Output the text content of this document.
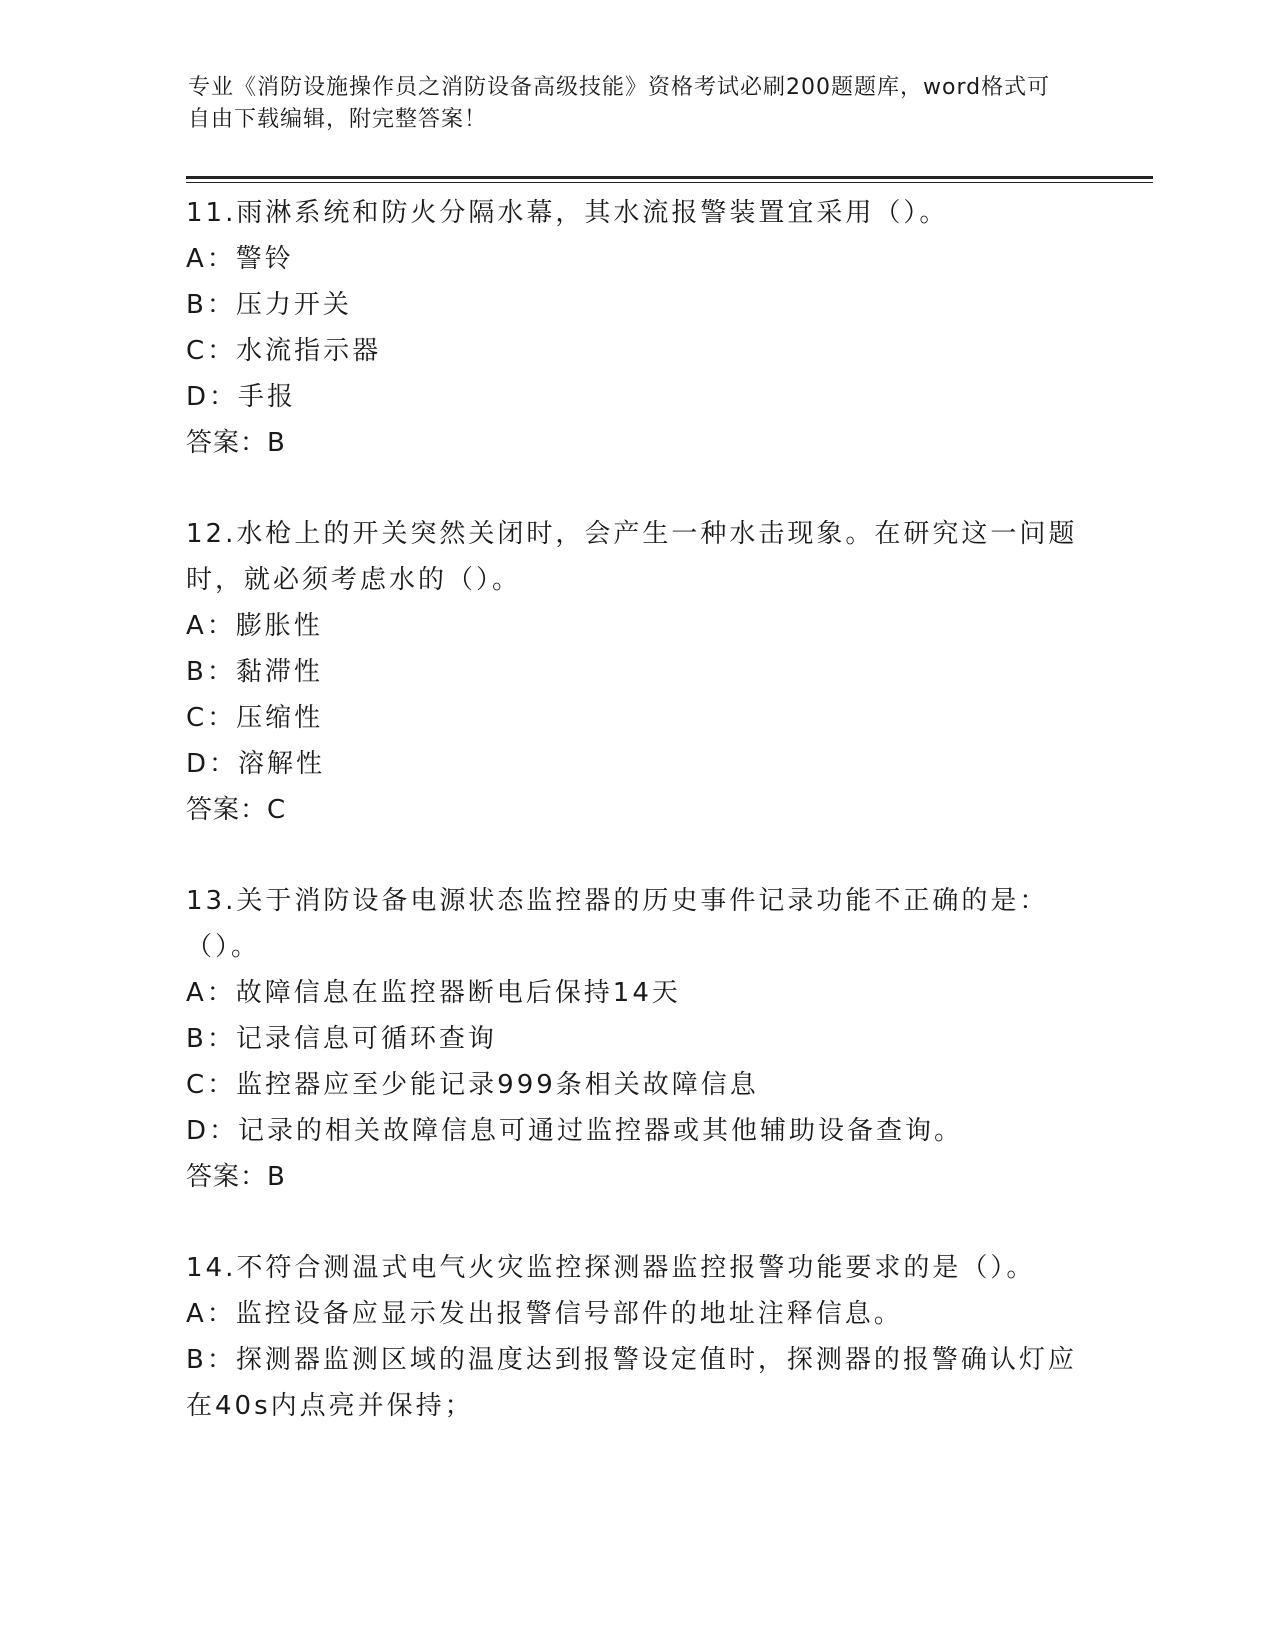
专业《消防设施操作员之消防设备高级技能》资格考试必刷200题题库，word格式可自由下载编辑，附完整答案！
11.雨淋系统和防火分隔水幕，其水流报警装置宜采用（）。
A：警铃
B：压力开关
C：水流指示器
D：手报
答案：B
12.水枪上的开关突然关闭时，会产生一种水击现象。在研究这一问题时，就必须考虑水的（）。
A：膨胀性
B：黏滞性
C：压缩性
D：溶解性
答案：C
13.关于消防设备电源状态监控器的历史事件记录功能不正确的是：（）。
A：故障信息在监控器断电后保持14天
B：记录信息可循环查询
C：监控器应至少能记录999条相关故障信息
D：记录的相关故障信息可通过监控器或其他辅助设备查询。
答案：B
14.不符合测温式电气火灾监控探测器监控报警功能要求的是（）。
A：监控设备应显示发出报警信号部件的地址注释信息。
B：探测器监测区域的温度达到报警设定值时，探测器的报警确认灯应在40s内点亮并保持；
